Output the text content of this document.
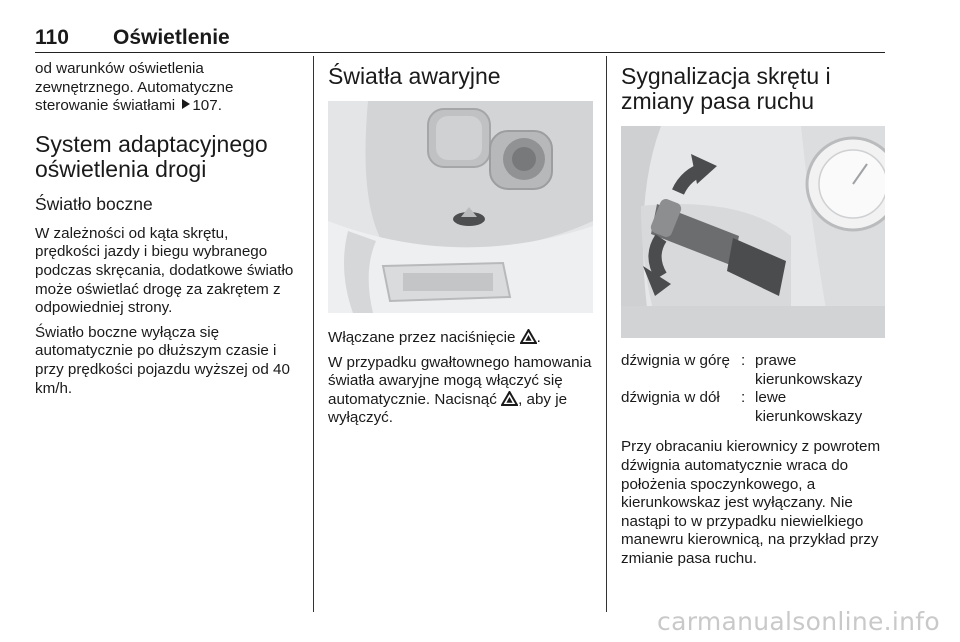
110 Oświetlenie

od warunków oświetlenia zewnętrznego. Automatyczne sterowanie światłami 107.

System adaptacyjnego oświetlenia drogi
Światło boczne

W zależności od kąta skrętu, prędkości jazdy i biegu wybranego podczas skręcania, dodatkowe światło może oświetlać drogę za zakrętem z odpowiedniej strony.

Światło boczne wyłącza się automatycznie po dłuższym czasie i przy prędkości pojazdu wyższej od 40 km/h.

Światła awaryjne

Włączane przez naciśnięcie .

W przypadku gwałtownego hamowania światła awaryjne mogą włączyć się automatycznie. Nacisnąć , aby je wyłączyć.

Sygnalizacja skrętu i zmiany pasa ruchu
dźwignia w górę	:	prawe kierunkowskazy
dźwignia w dół	:	lewe kierunkowskazy

Przy obracaniu kierownicy z powrotem dźwignia automatycznie wraca do położenia spoczynkowego, a kierunkowskaz jest wyłączany. Nie nastąpi to w przypadku niewielkiego manewru kierownicą, na przykład przy zmianie pasa ruchu.

carmanualsonline.info
